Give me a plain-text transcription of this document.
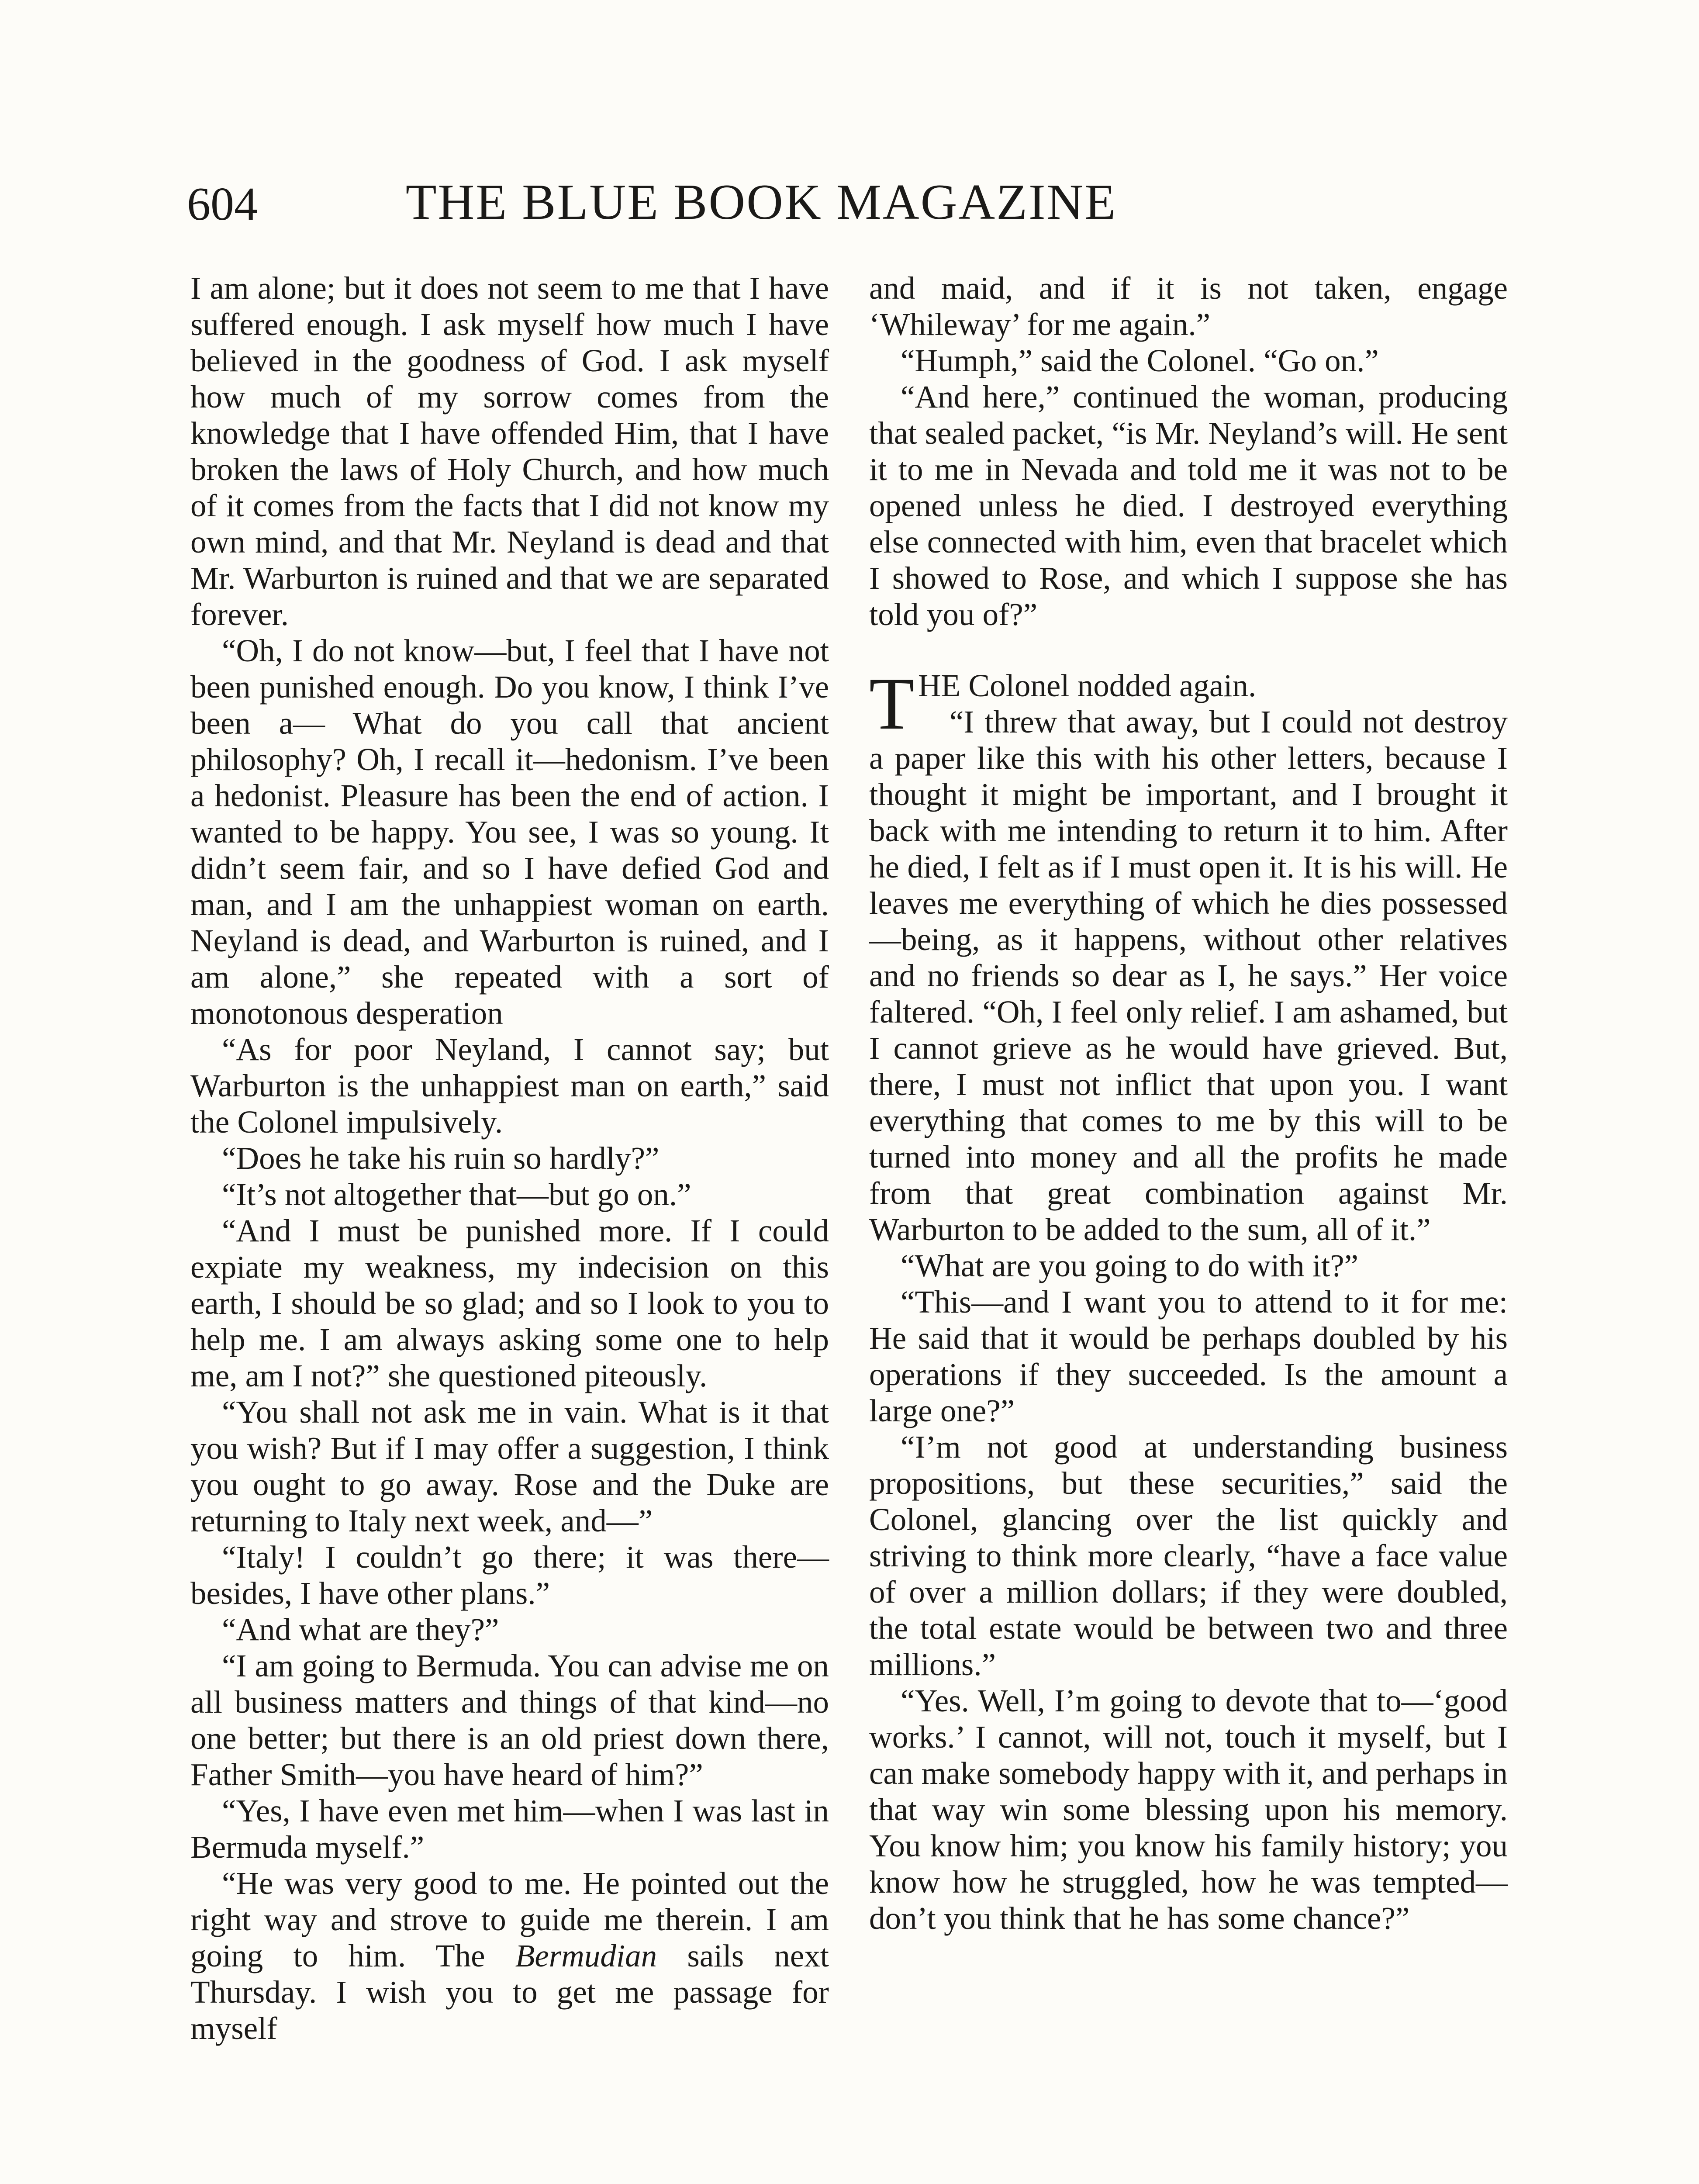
604	THE BLUE BOOK MAGAZINE

I am alone; but it does not seem to me that I have suffered enough. I ask myself how much I have believed in the goodness of God. I ask myself how much of my sorrow comes from the knowledge that I have offended Him, that I have broken the laws of Holy Church, and how much of it comes from the facts that I did not know my own mind, and that Mr. Neyland is dead and that Mr. Warburton is ruined and that we are separated forever.

“Oh, I do not know—but, I feel that I have not been punished enough. Do you know, I think I’ve been a— What do you call that ancient philosophy? Oh, I recall it—hedonism. I’ve been a hedonist. Pleasure has been the end of action. I wanted to be happy. You see, I was so young. It didn’t seem fair, and so I have defied God and man, and I am the unhappiest woman on earth. Neyland is dead, and Warburton is ruined, and I am alone,” she repeated with a sort of monotonous desperation

“As for poor Neyland, I cannot say; but Warburton is the unhappiest man on earth,” said the Colonel impulsively.

“Does he take his ruin so hardly?”

“It’s not altogether that—but go on.”

“And I must be punished more. If I could expiate my weakness, my indecision on this earth, I should be so glad; and so I look to you to help me. I am always asking some one to help me, am I not?” she questioned piteously.

“You shall not ask me in vain. What is it that you wish? But if I may offer a suggestion, I think you ought to go away. Rose and the Duke are returning to Italy next week, and—”

“Italy! I couldn’t go there; it was there—besides, I have other plans.”

“And what are they?”

“I am going to Bermuda. You can advise me on all business matters and things of that kind—no one better; but there is an old priest down there, Father Smith—you have heard of him?”

“Yes, I have even met him—when I was last in Bermuda myself.”

“He was very good to me. He pointed out the right way and strove to guide me therein. I am going to him. The Bermudian sails next Thursday. I wish you to get me passage for myself

and maid, and if it is not taken, engage ‘Whileway’ for me again.”

“Humph,” said the Colonel. “Go on.”

“And here,” continued the woman, producing that sealed packet, “is Mr. Neyland’s will. He sent it to me in Nevada and told me it was not to be opened unless he died. I destroyed everything else connected with him, even that bracelet which I showed to Rose, and which I suppose she has told you of?”

THE Colonel nodded again.

“I threw that away, but I could not destroy a paper like this with his other letters, because I thought it might be important, and I brought it back with me intending to return it to him. After he died, I felt as if I must open it. It is his will. He leaves me everything of which he dies possessed—being, as it happens, without other relatives and no friends so dear as I, he says.” Her voice faltered. “Oh, I feel only relief. I am ashamed, but I cannot grieve as he would have grieved. But, there, I must not inflict that upon you. I want everything that comes to me by this will to be turned into money and all the profits he made from that great combination against Mr. Warburton to be added to the sum, all of it.”

“What are you going to do with it?”

“This—and I want you to attend to it for me: He said that it would be perhaps doubled by his operations if they succeeded. Is the amount a large one?”

“I’m not good at understanding business propositions, but these securities,” said the Colonel, glancing over the list quickly and striving to think more clearly, “have a face value of over a million dollars; if they were doubled, the total estate would be between two and three millions.”

“Yes. Well, I’m going to devote that to—‘good works.’ I cannot, will not, touch it myself, but I can make somebody happy with it, and perhaps in that way win some blessing upon his memory. You know him; you know his family history; you know how he struggled, how he was tempted—don’t you think that he has some chance?”
